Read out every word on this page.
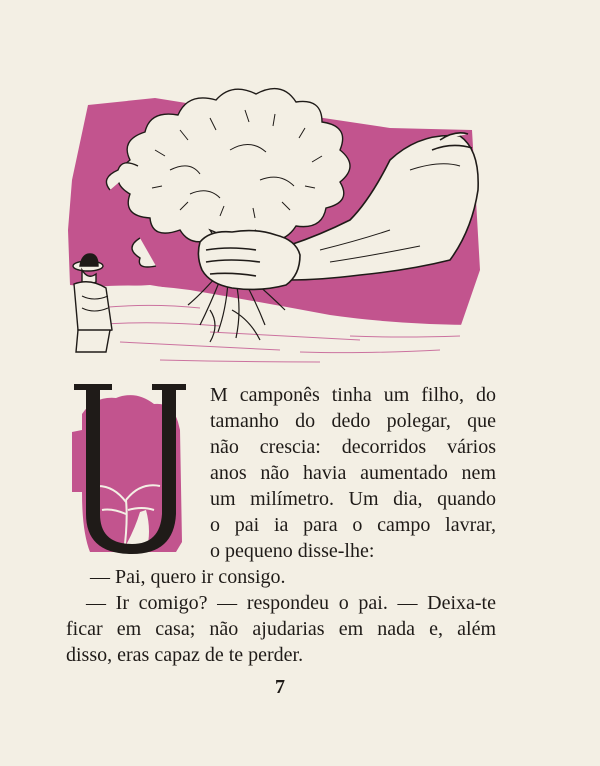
M camponês tinha um filho, do
tamanho do dedo polegar, que
não crescia: decorridos vários
anos não havia aumentado nem
um milímetro. Um dia, quando
o pai ia para o campo lavrar,
o pequeno disse-lhe:
— Pai, quero ir consigo.
— Ir comigo? — respondeu o pai. — Deixa-te
ficar em casa; não ajudarias em nada e, além
disso, eras capaz de te perder.
7
